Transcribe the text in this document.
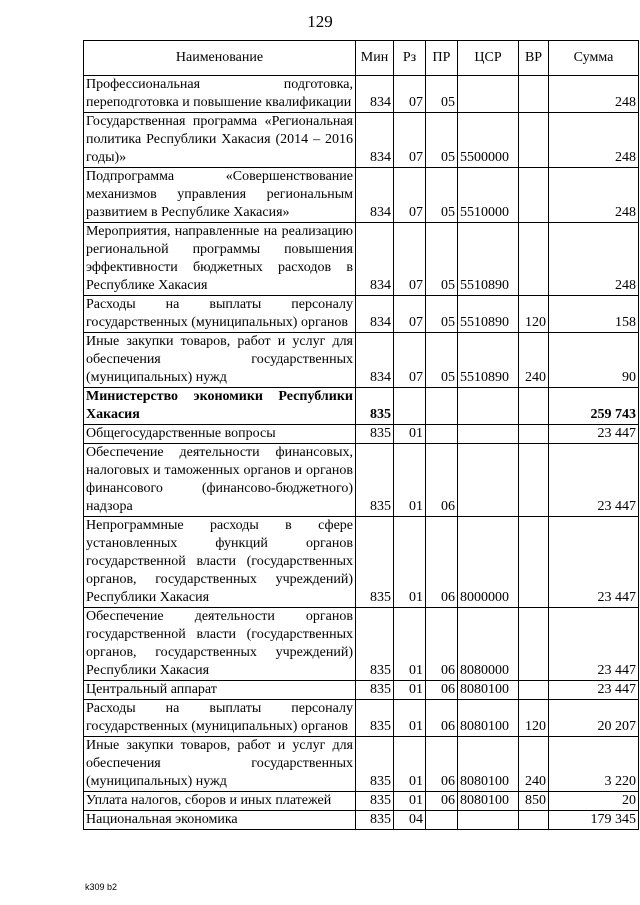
129
Наименование	Мин	Рз	ПР	ЦСР	ВР	Сумма
Профессиональная подготовка, переподготовка и повышение квалификации	834	07	05			248
Государственная программа «Региональная политика Республики Хакасия (2014 – 2016 годы)»	834	07	05	5500000		248
Подпрограмма «Совершенствование механизмов управления региональным развитием в Республике Хакасия»	834	07	05	5510000		248
Мероприятия, направленные на реализацию региональной программы повышения эффективности бюджетных расходов в Республике Хакасия	834	07	05	5510890		248
Расходы на выплаты персоналу государственных (муниципальных) органов	834	07	05	5510890	120	158
Иные закупки товаров, работ и услуг для обеспечения государственных (муниципальных) нужд	834	07	05	5510890	240	90
Министерство экономики Республики Хакасия	835					259 743
Общегосударственные вопросы	835	01				23 447
Обеспечение деятельности финансовых, налоговых и таможенных органов и органов финансового (финансово-бюджетного) надзора	835	01	06			23 447
Непрограммные расходы в сфере установленных функций органов государственной власти (государственных органов, государственных учреждений) Республики Хакасия	835	01	06	8000000		23 447
Обеспечение деятельности органов государственной власти (государственных органов, государственных учреждений) Республики Хакасия	835	01	06	8080000		23 447
Центральный аппарат	835	01	06	8080100		23 447
Расходы на выплаты персоналу государственных (муниципальных) органов	835	01	06	8080100	120	20 207
Иные закупки товаров, работ и услуг для обеспечения государственных (муниципальных) нужд	835	01	06	8080100	240	3 220
Уплата налогов, сборов и иных платежей	835	01	06	8080100	850	20
Национальная экономика	835	04				179 345
k309 b2
